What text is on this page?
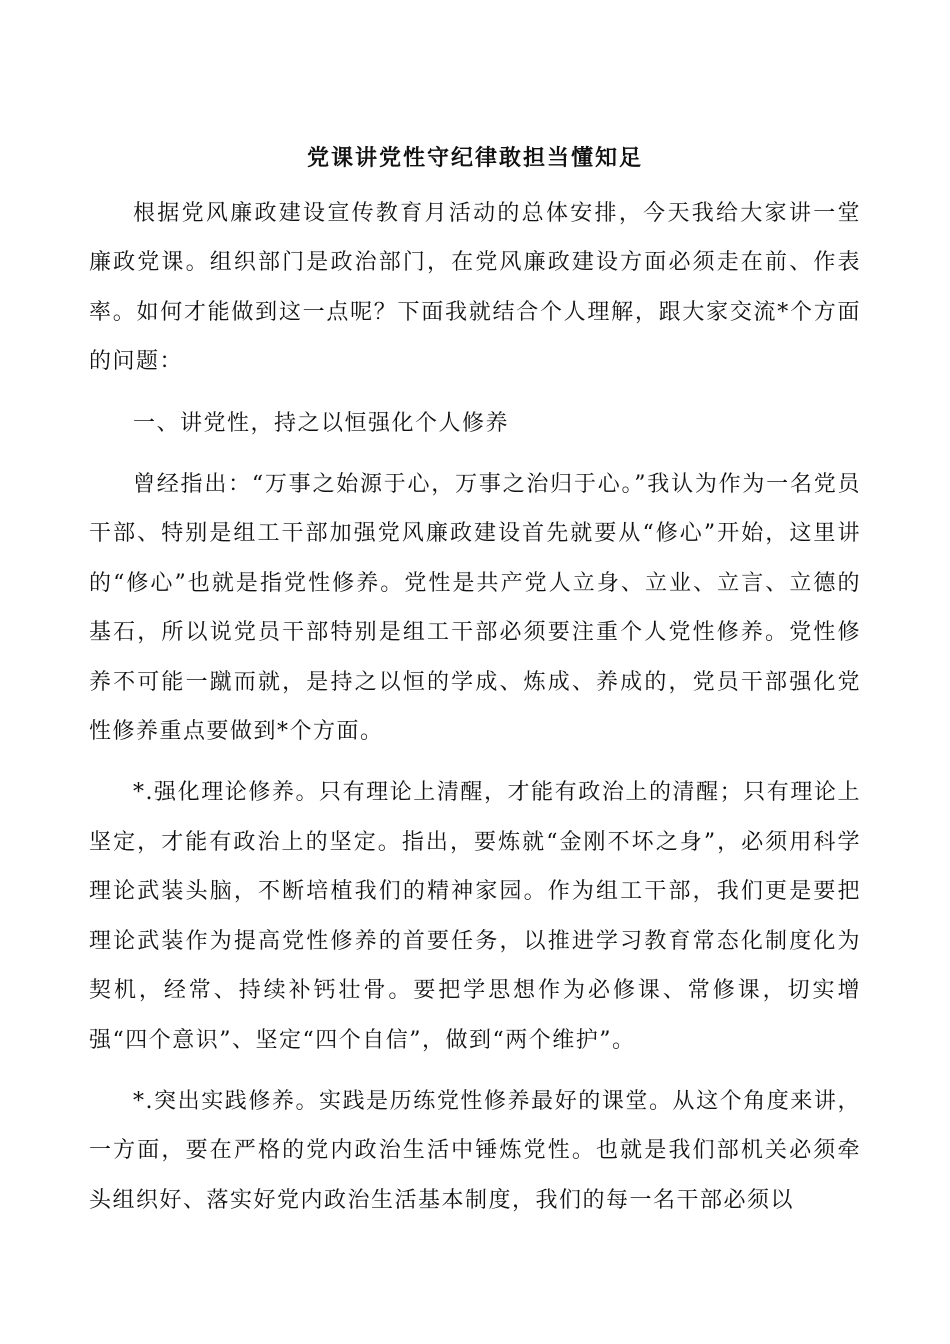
党课讲党性守纪律敢担当懂知足

根据党风廉政建设宣传教育月活动的总体安排，今天我给大家讲一堂廉政党课。组织部门是政治部门，在党风廉政建设方面必须走在前、作表率。如何才能做到这一点呢？下面我就结合个人理解，跟大家交流*个方面的问题：

一、讲党性，持之以恒强化个人修养

曾经指出：“万事之始源于心，万事之治归于心。”我认为作为一名党员干部、特别是组工干部加强党风廉政建设首先就要从“修心”开始，这里讲的“修心”也就是指党性修养。党性是共产党人立身、立业、立言、立德的基石，所以说党员干部特别是组工干部必须要注重个人党性修养。党性修养不可能一蹴而就，是持之以恒的学成、炼成、养成的，党员干部强化党性修养重点要做到*个方面。

*.强化理论修养。只有理论上清醒，才能有政治上的清醒；只有理论上坚定，才能有政治上的坚定。指出，要炼就“金刚不坏之身”，必须用科学理论武装头脑，不断培植我们的精神家园。作为组工干部，我们更是要把理论武装作为提高党性修养的首要任务，以推进学习教育常态化制度化为契机，经常、持续补钙壮骨。要把学思想作为必修课、常修课，切实增强“四个意识”、坚定“四个自信”，做到“两个维护”。

*.突出实践修养。实践是历练党性修养最好的课堂。从这个角度来讲，一方面，要在严格的党内政治生活中锤炼党性。也就是我们部机关必须牵头组织好、落实好党内政治生活基本制度，我们的每一名干部必须以
